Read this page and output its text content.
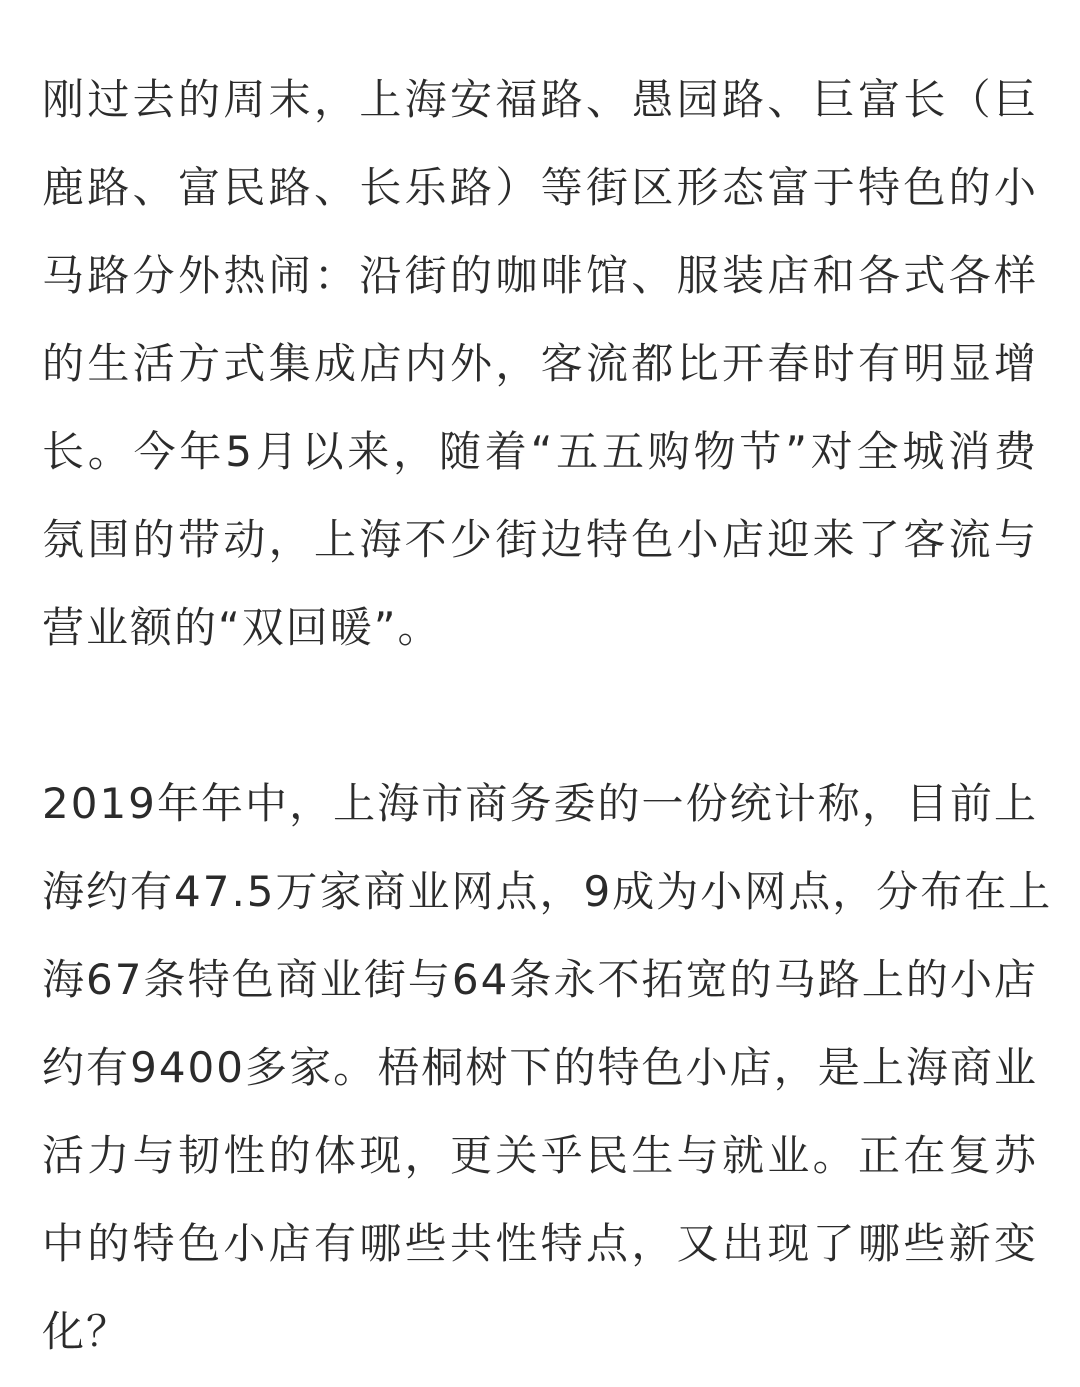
刚过去的周末，上海安福路、愚园路、巨富长（巨
鹿路、富民路、长乐路）等街区形态富于特色的小
马路分外热闹：沿街的咖啡馆、服装店和各式各样
的生活方式集成店内外，客流都比开春时有明显增
长。今年5月以来，随着“五五购物节”对全城消费
氛围的带动，上海不少街边特色小店迎来了客流与
营业额的“双回暖”。
2019年年中，上海市商务委的一份统计称，目前上
海约有47.5万家商业网点，9成为小网点，分布在上
海67条特色商业街与64条永不拓宽的马路上的小店
约有9400多家。梧桐树下的特色小店，是上海商业
活力与韧性的体现，更关乎民生与就业。正在复苏
中的特色小店有哪些共性特点，又出现了哪些新变
化？
